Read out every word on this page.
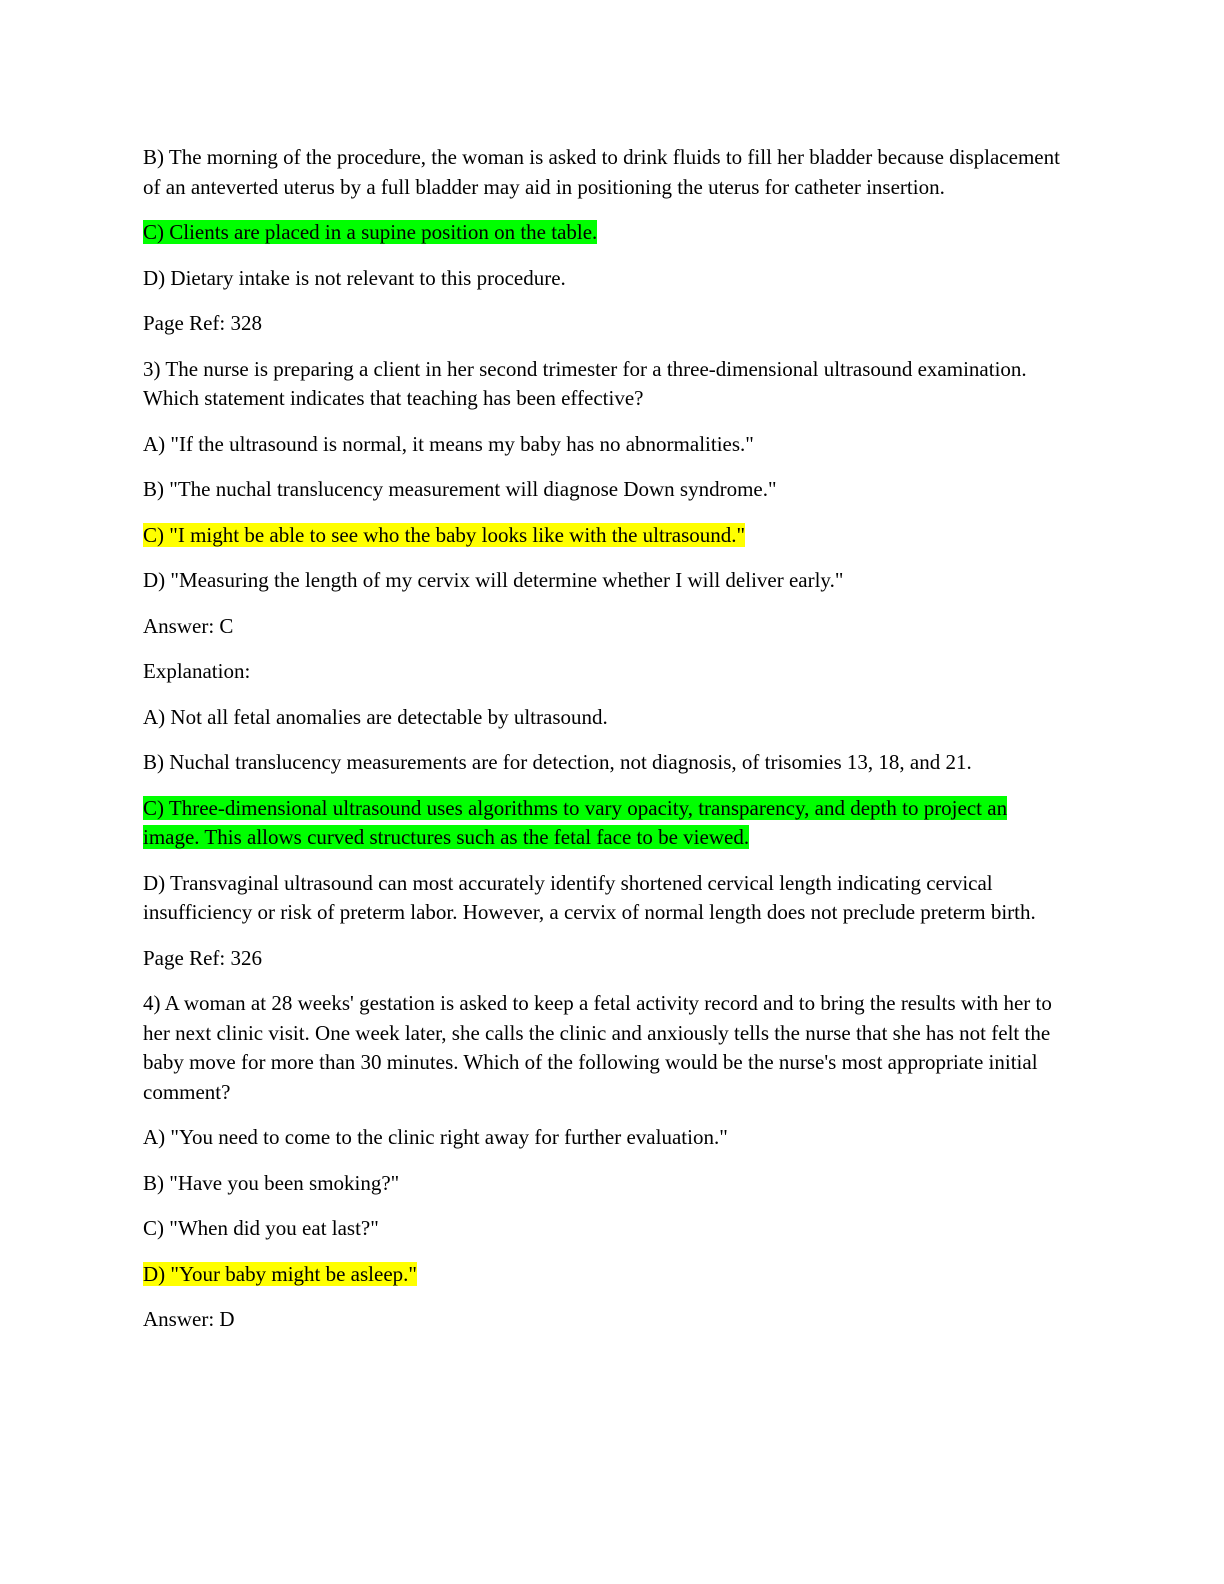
B) The morning of the procedure, the woman is asked to drink fluids to fill her bladder because displacement of an anteverted uterus by a full bladder may aid in positioning the uterus for catheter insertion.

C) Clients are placed in a supine position on the table.

D) Dietary intake is not relevant to this procedure.

Page Ref: 328

3) The nurse is preparing a client in her second trimester for a three-dimensional ultrasound examination. Which statement indicates that teaching has been effective?

A) "If the ultrasound is normal, it means my baby has no abnormalities."

B) "The nuchal translucency measurement will diagnose Down syndrome."

C) "I might be able to see who the baby looks like with the ultrasound."

D) "Measuring the length of my cervix will determine whether I will deliver early."

Answer: C

Explanation:

A) Not all fetal anomalies are detectable by ultrasound.

B) Nuchal translucency measurements are for detection, not diagnosis, of trisomies 13, 18, and 21.

C) Three-dimensional ultrasound uses algorithms to vary opacity, transparency, and depth to project an image. This allows curved structures such as the fetal face to be viewed.

D) Transvaginal ultrasound can most accurately identify shortened cervical length indicating cervical insufficiency or risk of preterm labor. However, a cervix of normal length does not preclude preterm birth.

Page Ref: 326

4) A woman at 28 weeks' gestation is asked to keep a fetal activity record and to bring the results with her to her next clinic visit. One week later, she calls the clinic and anxiously tells the nurse that she has not felt the baby move for more than 30 minutes. Which of the following would be the nurse's most appropriate initial comment?

A) "You need to come to the clinic right away for further evaluation."

B) "Have you been smoking?"

C) "When did you eat last?"

D) "Your baby might be asleep."

Answer: D
